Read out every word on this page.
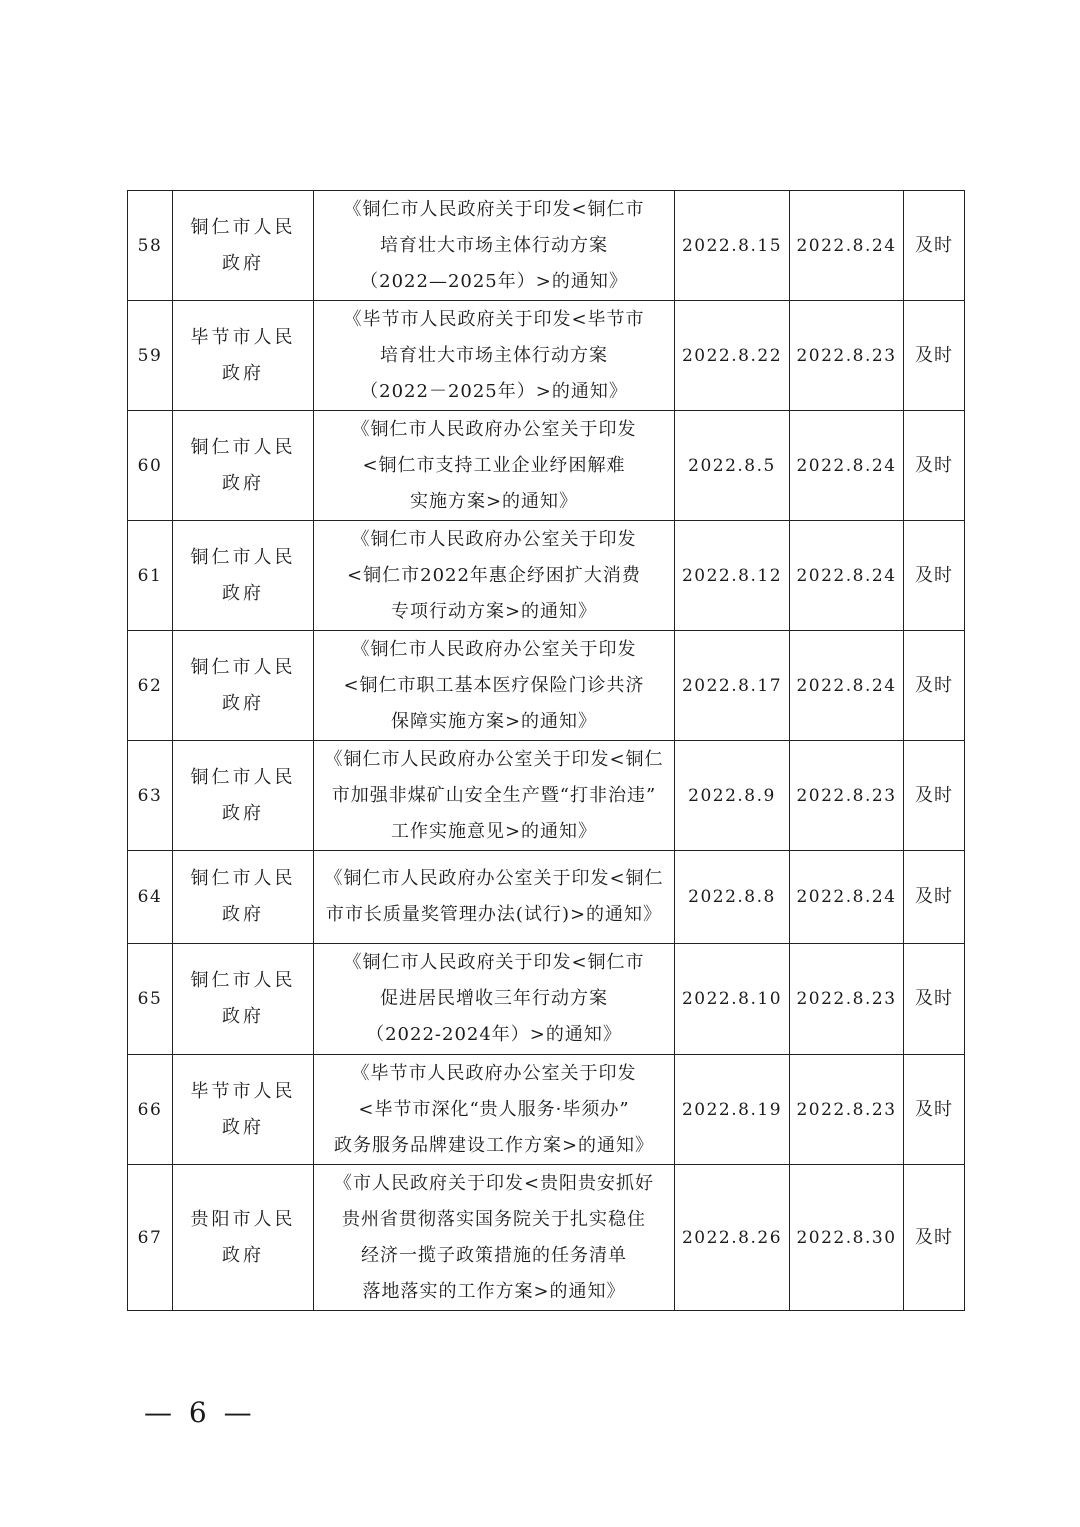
58	铜仁市人民
政府	《铜仁市人民政府关于印发<铜仁市
培育壮大市场主体行动方案
（2022—2025年）>的通知》	2022.8.15	2022.8.24	及时
59	毕节市人民
政府	《毕节市人民政府关于印发<毕节市
培育壮大市场主体行动方案
（2022－2025年）>的通知》	2022.8.22	2022.8.23	及时
60	铜仁市人民
政府	《铜仁市人民政府办公室关于印发
<铜仁市支持工业企业纾困解难
实施方案>的通知》	2022.8.5	2022.8.24	及时
61	铜仁市人民
政府	《铜仁市人民政府办公室关于印发
<铜仁市2022年惠企纾困扩大消费
专项行动方案>的通知》	2022.8.12	2022.8.24	及时
62	铜仁市人民
政府	《铜仁市人民政府办公室关于印发
<铜仁市职工基本医疗保险门诊共济
保障实施方案>的通知》	2022.8.17	2022.8.24	及时
63	铜仁市人民
政府	《铜仁市人民政府办公室关于印发<铜仁
市加强非煤矿山安全生产暨“打非治违”
工作实施意见>的通知》	2022.8.9	2022.8.23	及时
64	铜仁市人民
政府	《铜仁市人民政府办公室关于印发<铜仁
市市长质量奖管理办法(试行)>的通知》	2022.8.8	2022.8.24	及时
65	铜仁市人民
政府	《铜仁市人民政府关于印发<铜仁市
促进居民增收三年行动方案
（2022-2024年）>的通知》	2022.8.10	2022.8.23	及时
66	毕节市人民
政府	《毕节市人民政府办公室关于印发
<毕节市深化“贵人服务·毕须办”
政务服务品牌建设工作方案>的通知》	2022.8.19	2022.8.23	及时
67	贵阳市人民
政府	《市人民政府关于印发<贵阳贵安抓好
贵州省贯彻落实国务院关于扎实稳住
经济一揽子政策措施的任务清单
落地落实的工作方案>的通知》	2022.8.26	2022.8.30	及时
— 6 —
